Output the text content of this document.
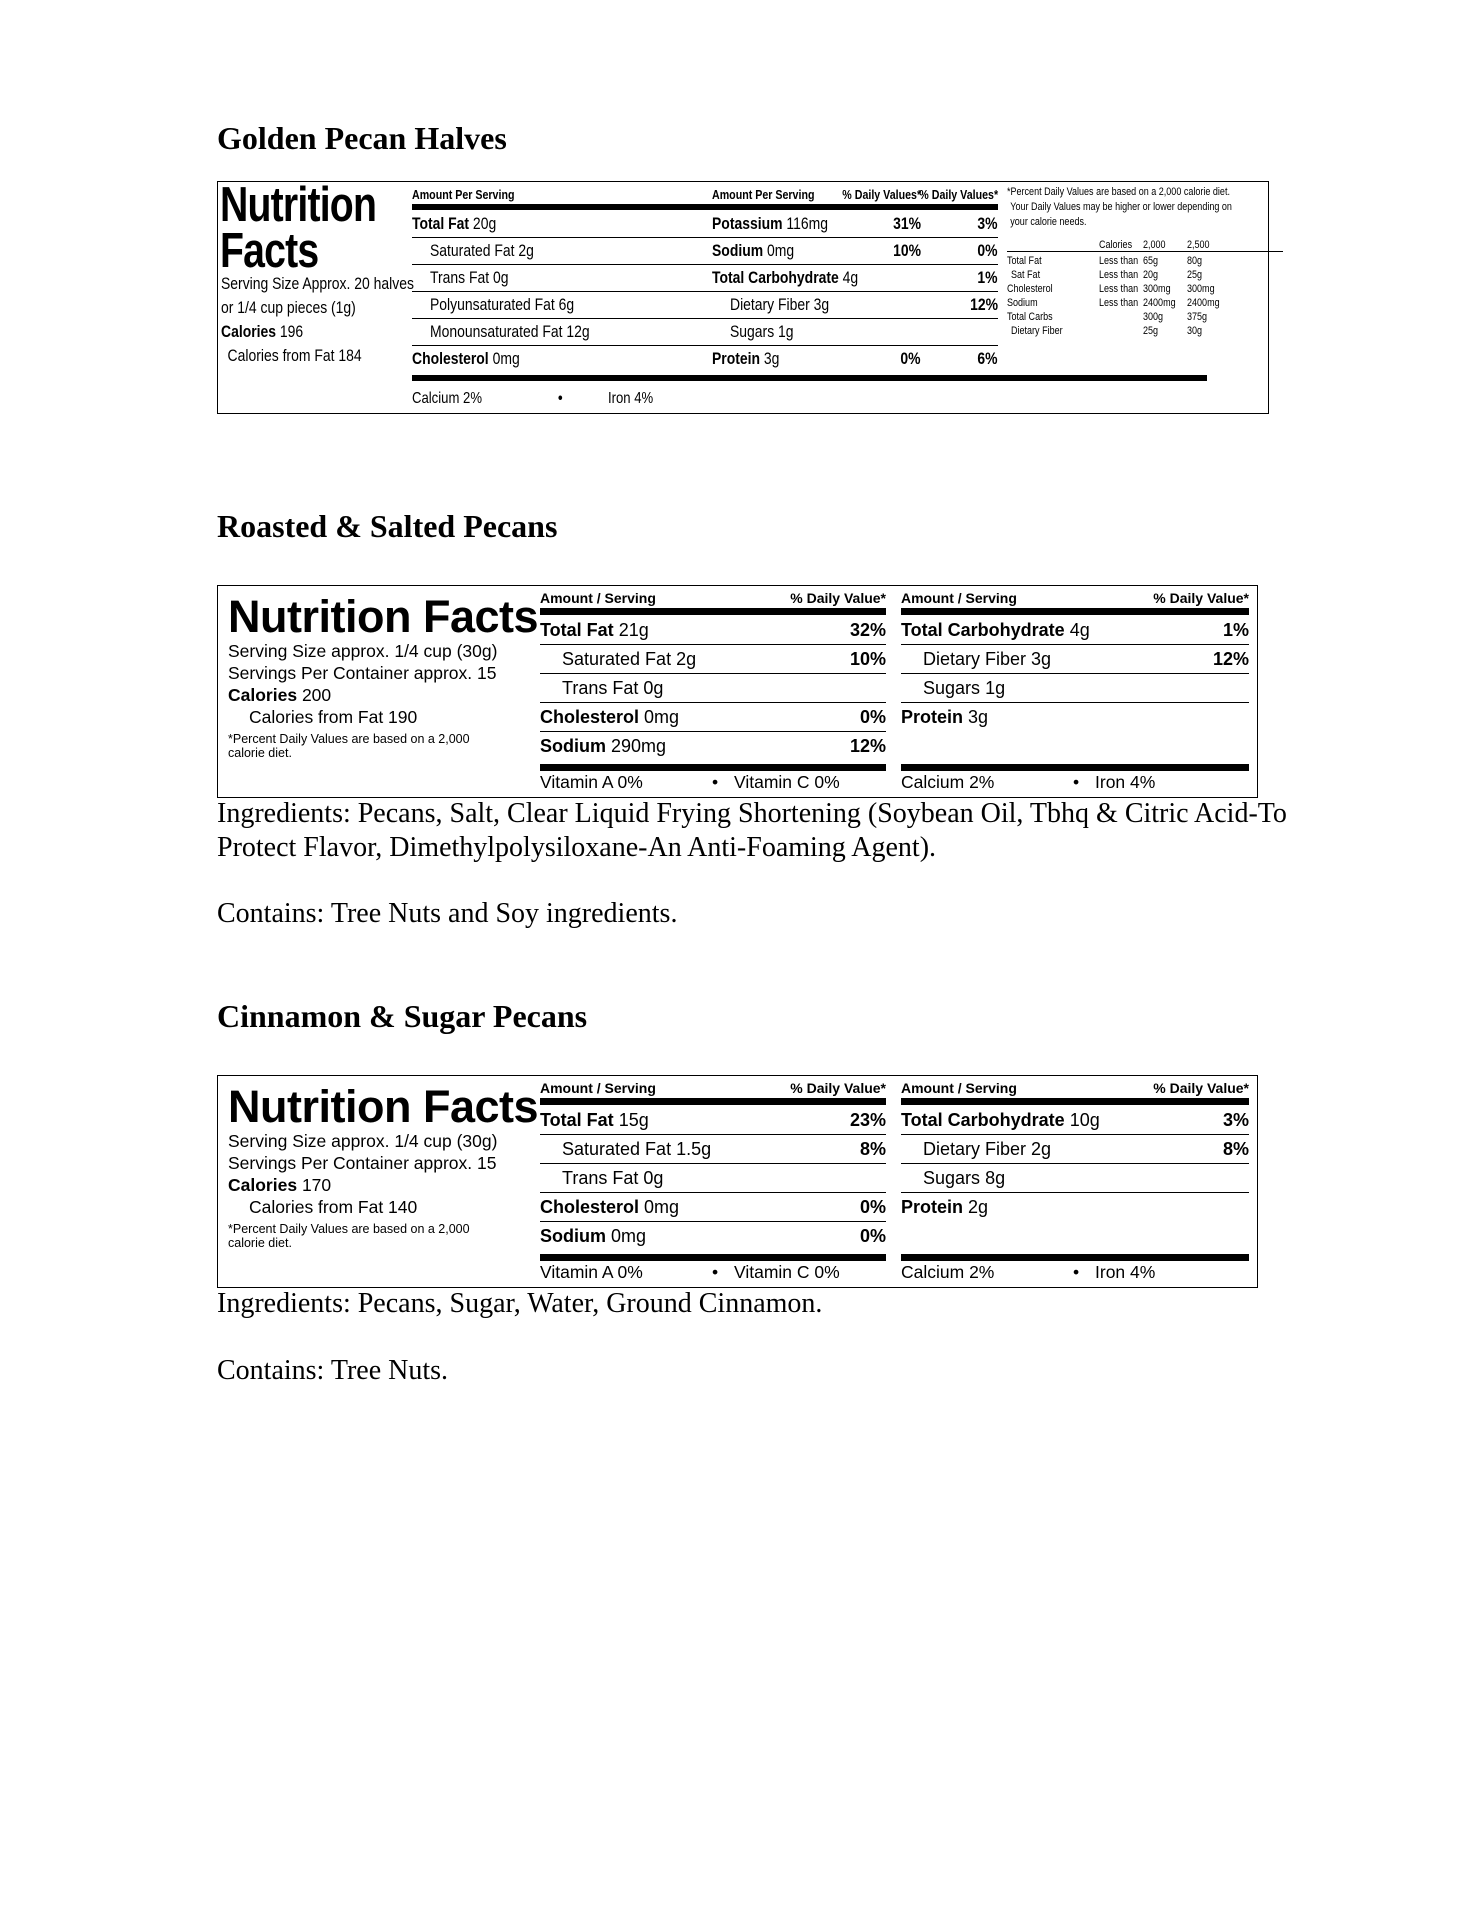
Golden Pecan Halves
Nutrition
Facts
Serving Size Approx. 20 halves
or 1/4 cup pieces (1g)
Calories 196
Calories from Fat 184
Amount Per Serving	% Daily Values*
Total Fat 20g	31%
Saturated Fat 2g	10%
Trans Fat 0g
Polyunsaturated Fat 6g
Monounsaturated Fat 12g
Cholesterol 0mg	0%
Calcium 2%	•	Iron 4%
Amount Per Serving	% Daily Values*
Potassium 116mg	3%
Sodium 0mg	0%
Total Carbohydrate 4g	1%
Dietary Fiber 3g	12%
Sugars 1g
Protein 3g	6%
*Percent Daily Values are based on a 2,000 calorie diet.
Your Daily Values may be higher or lower depending on
your calorie needs.
Calories 2,000 2,500
Total Fat	Less than 65g	80g
Sat Fat	Less than 20g	25g
Cholesterol	Less than 300mg 300mg
Sodium	Less than 2400mg 2400mg
Total Carbs	300g 375g
Dietary Fiber	25g	30g
Roasted & Salted Pecans
Nutrition Facts
Serving Size approx. 1/4 cup (30g)
Servings Per Container approx. 15
Calories 200
Calories from Fat 190
*Percent Daily Values are based on a 2,000
calorie diet.
Amount / Serving	% Daily Value*
Total Fat 21g	32%
Saturated Fat 2g	10%
Trans Fat 0g
Cholesterol 0mg	0%
Sodium 290mg	12%
Vitamin A 0%	• Vitamin C 0%
Amount / Serving	% Daily Value*
Total Carbohydrate 4g	1%
Dietary Fiber 3g	12%
Sugars 1g
Protein 3g
Calcium 2%	• Iron 4%

Ingredients: Pecans, Salt, Clear Liquid Frying Shortening (Soybean Oil, Tbhq & Citric Acid-To Protect Flavor, Dimethylpolysiloxane-An Anti-Foaming Agent).

Contains: Tree Nuts and Soy ingredients.

Cinnamon & Sugar Pecans
Nutrition Facts
Serving Size approx. 1/4 cup (30g)
Servings Per Container approx. 15
Calories 170
Calories from Fat 140
*Percent Daily Values are based on a 2,000
calorie diet.
Amount / Serving	% Daily Value*
Total Fat 15g	23%
Saturated Fat 1.5g	8%
Trans Fat 0g
Cholesterol 0mg	0%
Sodium 0mg	0%
Vitamin A 0%	• Vitamin C 0%
Amount / Serving	% Daily Value*
Total Carbohydrate 10g	3%
Dietary Fiber 2g	8%
Sugars 8g
Protein 2g
Calcium 2%	• Iron 4%

Ingredients: Pecans, Sugar, Water, Ground Cinnamon.

Contains: Tree Nuts.
